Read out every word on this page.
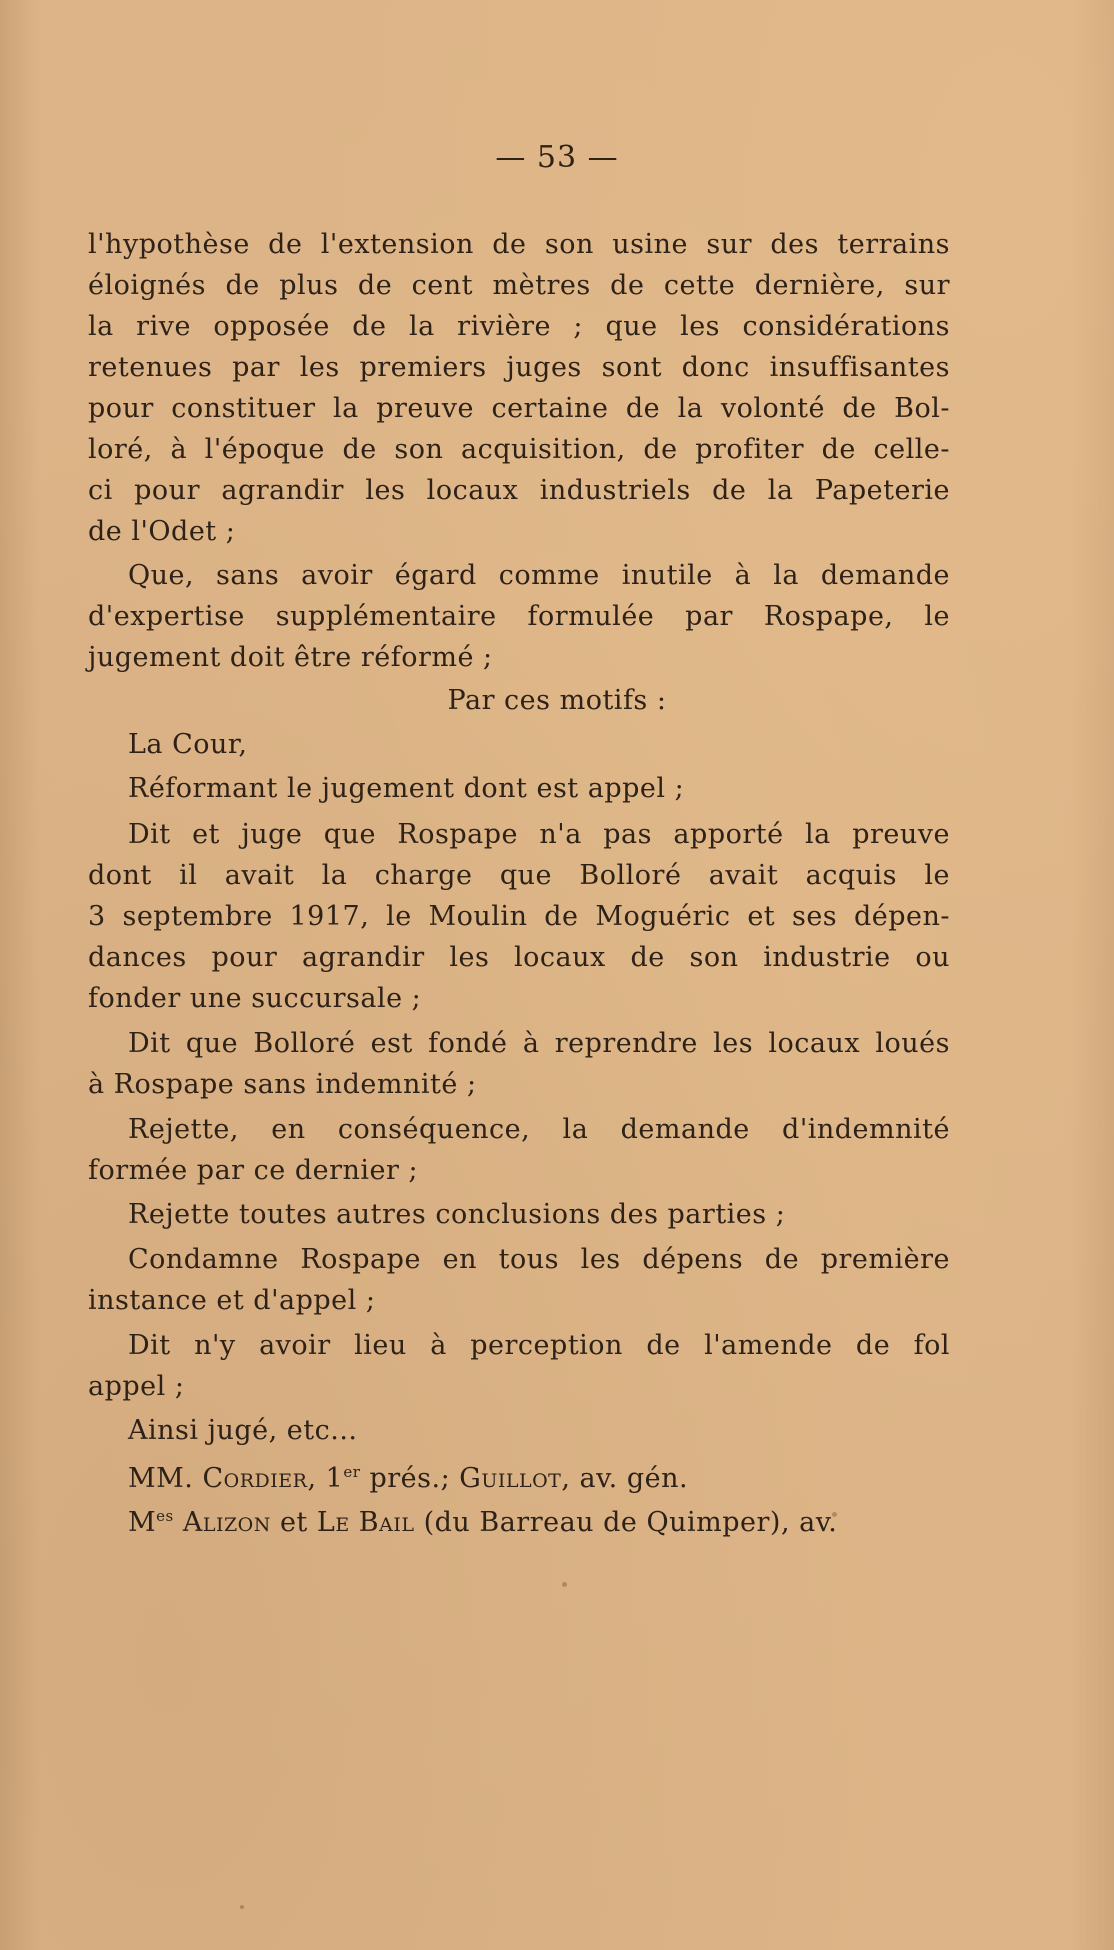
— 53 —
l'hypothèse de l'extension de son usine sur des terrains
éloignés de plus de cent mètres de cette dernière, sur
la rive opposée de la rivière ; que les considérations
retenues par les premiers juges sont donc insuffisantes
pour constituer la preuve certaine de la volonté de Bol-
loré, à l'époque de son acquisition, de profiter de celle-
ci pour agrandir les locaux industriels de la Papeterie
de l'Odet ;
Que, sans avoir égard comme inutile à la demande
d'expertise supplémentaire formulée par Rospape, le
jugement doit être réformé ;
Par ces motifs :
La Cour,
Réformant le jugement dont est appel ;
Dit et juge que Rospape n'a pas apporté la preuve
dont il avait la charge que Bolloré avait acquis le
3 septembre 1917, le Moulin de Moguéric et ses dépen-
dances pour agrandir les locaux de son industrie ou
fonder une succursale ;
Dit que Bolloré est fondé à reprendre les locaux loués
à Rospape sans indemnité ;
Rejette, en conséquence, la demande d'indemnité
formée par ce dernier ;
Rejette toutes autres conclusions des parties ;
Condamne Rospape en tous les dépens de première
instance et d'appel ;
Dit n'y avoir lieu à perception de l'amende de fol
appel ;
Ainsi jugé, etc...
MM. Cordier, 1er prés.; Guillot, av. gén.
$M^{es}$ Alizon et Le Bail (du Barreau de Quimper), av.
